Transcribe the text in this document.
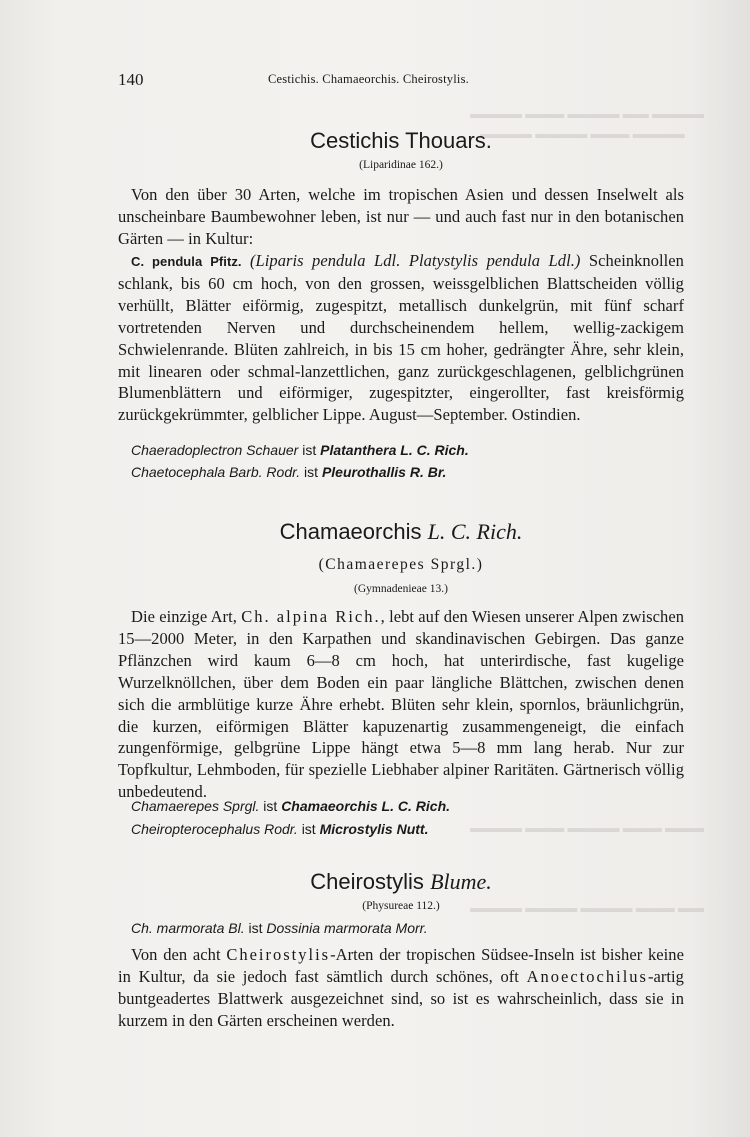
▬▬▬▬ ▬▬▬ ▬▬▬▬ ▬▬ ▬▬▬▬
▬▬▬▬ ▬▬▬▬ ▬▬▬ ▬▬▬▬
▬▬▬▬ ▬▬▬ ▬▬▬▬ ▬▬▬ ▬▬▬
▬▬▬▬ ▬▬▬▬ ▬▬▬▬ ▬▬▬ ▬▬
140	Cestichis. Chamaeorchis. Cheirostylis.
Cestichis Thouars.
(Liparidinae 162.)

Von den über 30 Arten, welche im tropischen Asien und dessen Inselwelt als unscheinbare Baumbewohner leben, ist nur — und auch fast nur in den botanischen Gärten — in Kultur:

C. pendula Pfitz. (Liparis pendula Ldl. Platystylis pendula Ldl.) Scheinknollen schlank, bis 60 cm hoch, von den grossen, weissgelblichen Blattscheiden völlig verhüllt, Blätter eiförmig, zugespitzt, metallisch dunkelgrün, mit fünf scharf vortretenden Nerven und durchscheinendem hellem, wellig-zackigem Schwielenrande. Blüten zahlreich, in bis 15 cm hoher, gedrängter Ähre, sehr klein, mit linearen oder schmal-lanzettlichen, ganz zurückgeschlagenen, gelblichgrünen Blumenblättern und eiförmiger, zugespitzter, eingerollter, fast kreisförmig zurückgekrümmter, gelblicher Lippe. August—September. Ostindien.

Chaeradoplectron Schauer ist Platanthera L. C. Rich.
Chaetocephala Barb. Rodr. ist Pleurothallis R. Br.
Chamaeorchis L. C. Rich.
(Chamaerepes Sprgl.)
(Gymnadenieae 13.)

Die einzige Art, Ch. alpina Rich., lebt auf den Wiesen unserer Alpen zwischen 15—2000 Meter, in den Karpathen und skandinavischen Gebirgen. Das ganze Pflänzchen wird kaum 6—8 cm hoch, hat unterirdische, fast kugelige Wurzelknöllchen, über dem Boden ein paar längliche Blättchen, zwischen denen sich die armblütige kurze Ähre erhebt. Blüten sehr klein, spornlos, bräunlichgrün, die kurzen, eiförmigen Blätter kapuzenartig zusammengeneigt, die einfach zungenförmige, gelbgrüne Lippe hängt etwa 5—8 mm lang herab. Nur zur Topfkultur, Lehmboden, für spezielle Liebhaber alpiner Raritäten. Gärtnerisch völlig unbedeutend.

Chamaerepes Sprgl. ist Chamaeorchis L. C. Rich.
Cheiropterocephalus Rodr. ist Microstylis Nutt.
Cheirostylis Blume.
(Physureae 112.)
Ch. marmorata Bl. ist Dossinia marmorata Morr.

Von den acht Cheirostylis-Arten der tropischen Südsee-Inseln ist bisher keine in Kultur, da sie jedoch fast sämtlich durch schönes, oft Anoectochilus-artig buntgeadertes Blattwerk ausgezeichnet sind, so ist es wahrscheinlich, dass sie in kurzem in den Gärten erscheinen werden.
